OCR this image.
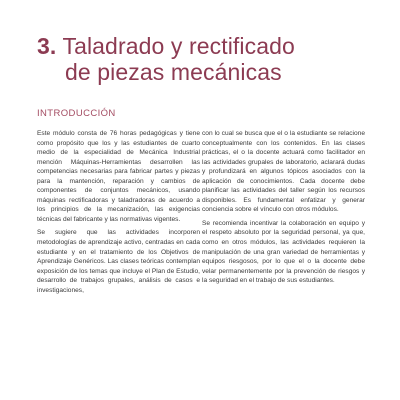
3. Taladrado y rectificado
de piezas mecánicas
INTRODUCCIÓN

Este módulo consta de 76 horas pedagógicas y tiene como propósito que los y las estudiantes de cuarto medio de la especialidad de Mecánica Industrial mención Máquinas-Herramientas desarrollen las competencias necesarias para fabricar partes y piezas para la mantención, reparación y cambios de componentes de conjuntos mecánicos, usando máquinas rectificadoras y taladradoras de acuerdo a los principios de la mecanización, las exigencias técnicas del fabricante y las normativas vigentes.

Se sugiere que las actividades incorporen metodologías de aprendizaje activo, centradas en cada estudiante y en el tratamiento de los Objetivos de Aprendizaje Genéricos. Las clases teóricas contemplan exposición de los temas que incluye el Plan de Estudio, desarrollo de trabajos grupales, análisis de casos e investigaciones,

con lo cual se busca que el o la estudiante se relacione conceptualmente con los contenidos. En las clases prácticas, el o la docente actuará como facilitador en las actividades grupales de laboratorio, aclarará dudas y profundizará en algunos tópicos asociados con la aplicación de conocimientos. Cada docente debe planificar las actividades del taller según los recursos disponibles. Es fundamental enfatizar y generar conciencia sobre el vínculo con otros módulos.

Se recomienda incentivar la colaboración en equipo y el respeto absoluto por la seguridad personal, ya que, como en otros módulos, las actividades requieren la manipulación de una gran variedad de herramientas y equipos riesgosos, por lo que el o la docente debe velar permanentemente por la prevención de riesgos y la seguridad en el trabajo de sus estudiantes.
